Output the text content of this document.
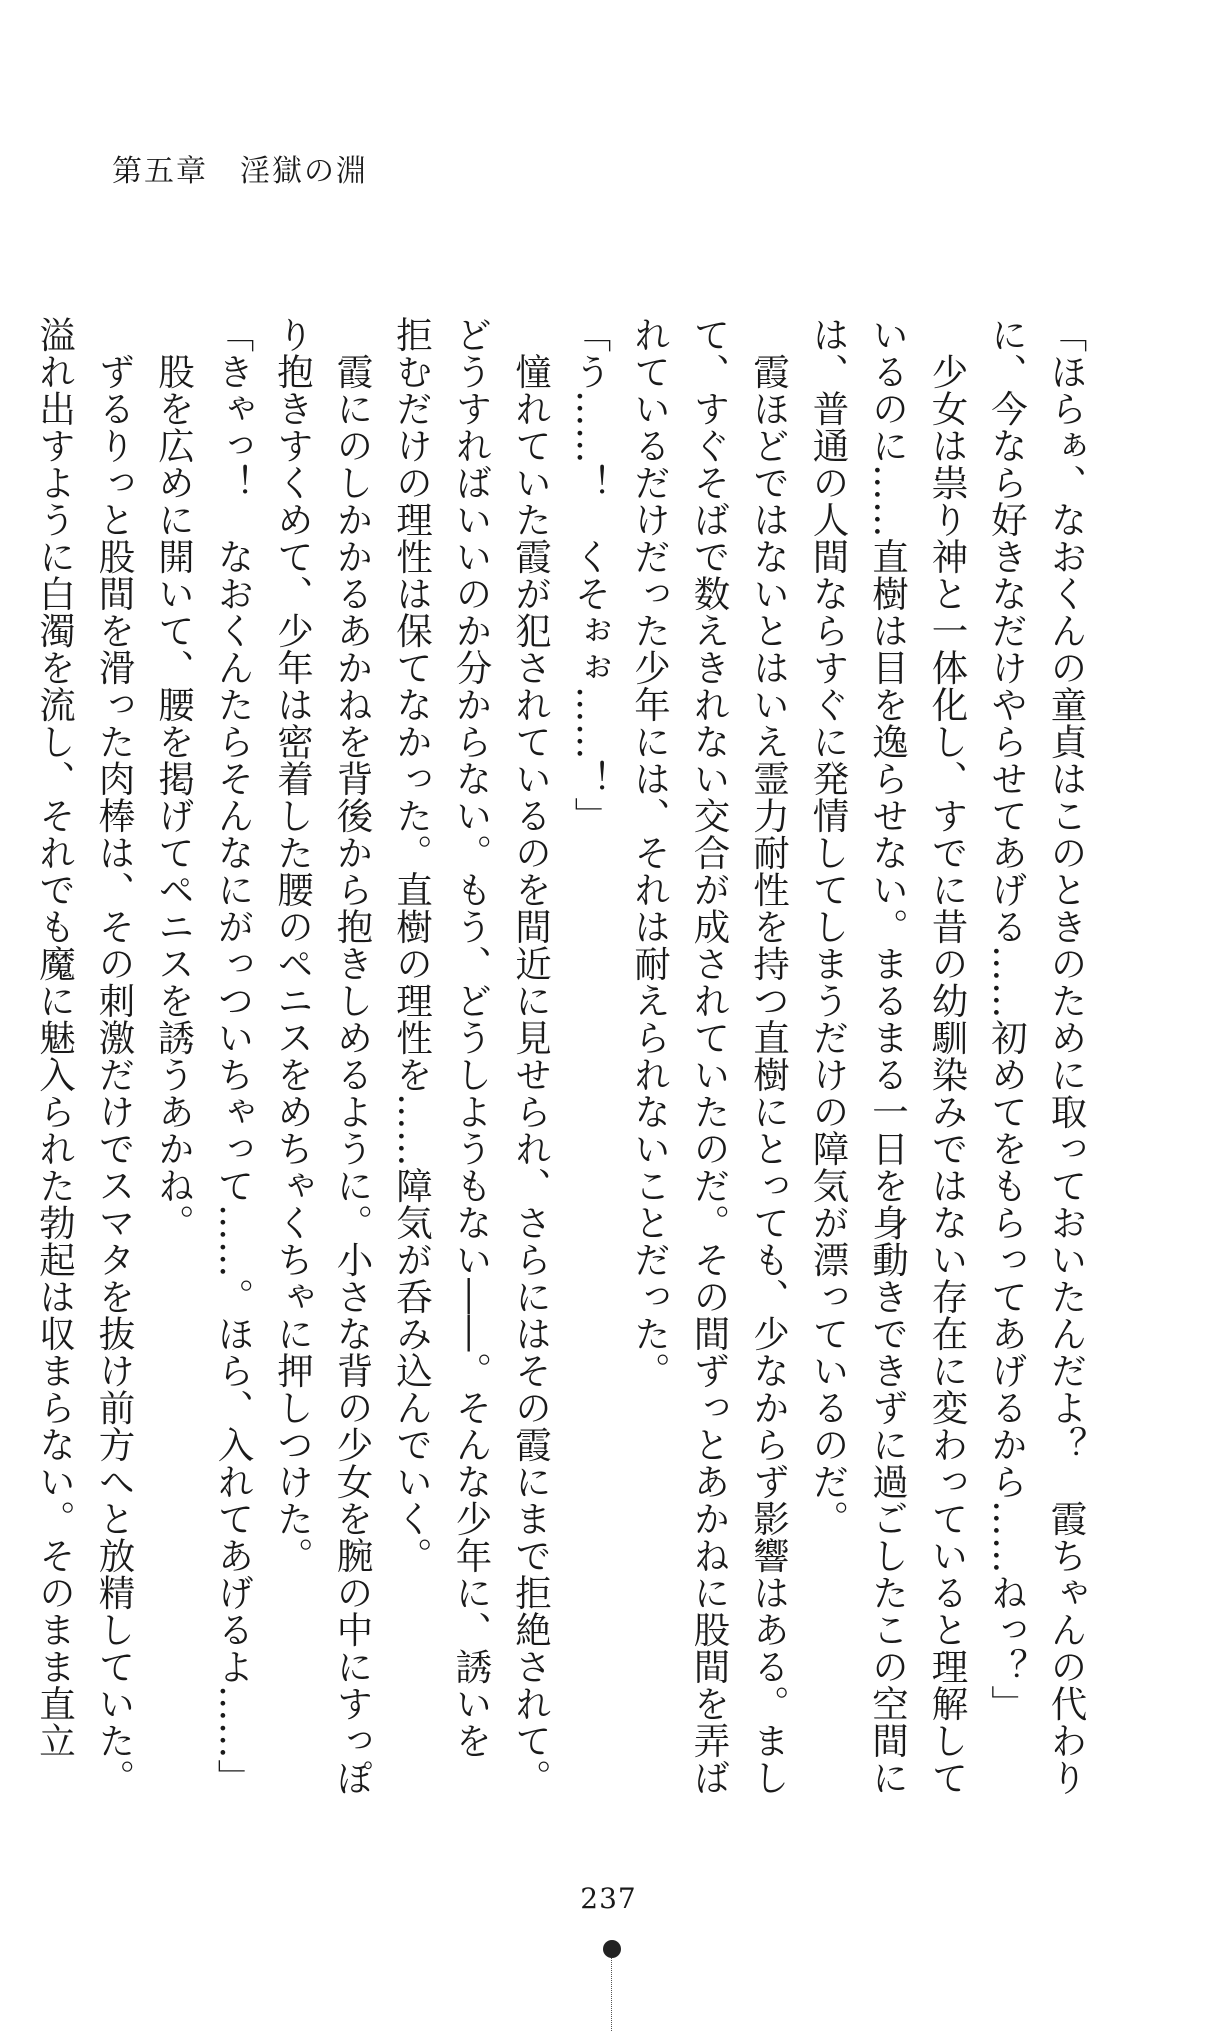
第五章　淫獄の淵
「ほらぁ、なおくんの童貞はこのときのために取っておいたんだよ？　霞ちゃんの代わり
に、今なら好きなだけやらせてあげる……初めてをもらってあげるから……ねっ？」
　少女は祟り神と一体化し、すでに昔の幼馴染みではない存在に変わっていると理解して
いるのに……直樹は目を逸らせない。まるまる一日を身動きできずに過ごしたこの空間に
は、普通の人間ならすぐに発情してしまうだけの障気が漂っているのだ。
　霞ほどではないとはいえ霊力耐性を持つ直樹にとっても、少なからず影響はある。まし
て、すぐそばで数えきれない交合が成されていたのだ。その間ずっとあかねに股間を弄ば
れているだけだった少年には、それは耐えられないことだった。
「う……！　くそぉぉ……！」
　憧れていた霞が犯されているのを間近に見せられ、さらにはその霞にまで拒絶されて。
どうすればいいのか分からない。もう、どうしようもない――。そんな少年に、誘いを
拒むだけの理性は保てなかった。直樹の理性を……障気が呑み込んでいく。
　霞にのしかかるあかねを背後から抱きしめるように。小さな背の少女を腕の中にすっぽ
り抱きすくめて、少年は密着した腰のペニスをめちゃくちゃに押しつけた。
「きゃっ！　なおくんたらそんなにがっついちゃって……。ほら、入れてあげるよ……」
　股を広めに開いて、腰を掲げてペニスを誘うあかね。
　ずるりっと股間を滑った肉棒は、その刺激だけでスマタを抜け前方へと放精していた。
溢れ出すように白濁を流し、それでも魔に魅入られた勃起は収まらない。そのまま直立
237
